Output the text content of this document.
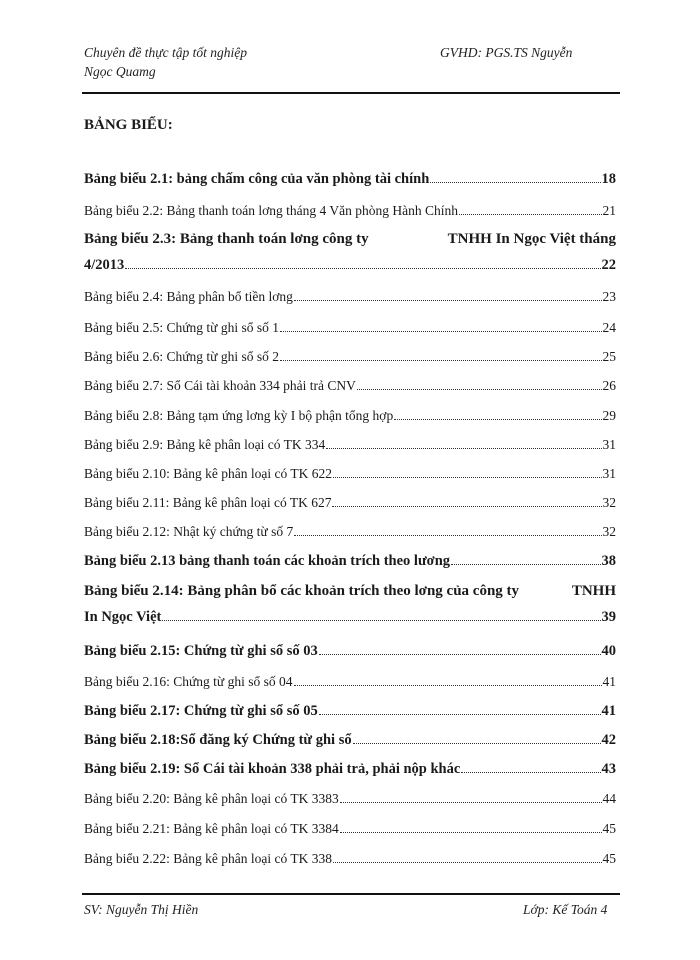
Chuyên đề thực tập tốt nghiệp
Ngọc Quamg
GVHD: PGS.TS Nguyễn
BẢNG BIỂU:
Bảng biểu 2.1: bảng chấm công của văn phòng tài chính	18
Bảng biểu 2.2: Bảng thanh toán lơng tháng 4 Văn phòng Hành Chính	21
Bảng biểu 2.3: Bảng thanh toán lơng công ty	TNHH In Ngọc Việt tháng
4/2013	22
Bảng biểu 2.4: Bảng phân bổ tiền lơng	23
Bảng biểu 2.5: Chứng từ ghi sổ số 1	24
Bảng biểu 2.6: Chứng từ ghi sổ số 2	25
Bảng biểu 2.7: Sổ Cái tài khoản 334 phải trả CNV	26
Bảng biểu 2.8: Bảng tạm ứng lơng kỳ I bộ phận tổng hợp	29
Bảng biểu 2.9: Bảng kê phân loại có TK 334	31
Bảng biểu 2.10: Bảng kê phân loại có TK 622	31
Bảng biểu 2.11: Bảng kê phân loại có TK 627	32
Bảng biểu 2.12: Nhật ký chứng từ số 7	32
Bảng biểu 2.13 bảng thanh toán các khoản trích theo lương	38
Bảng biểu 2.14: Bảng phân bổ các khoản trích theo lơng của công ty	TNHH
In Ngọc Việt	39
Bảng biểu 2.15: Chứng từ ghi sổ số 03	40
Bảng biểu 2.16: Chứng từ ghi sổ số 04	41
Bảng biểu 2.17: Chứng từ ghi sổ số 05	41
Bảng biểu 2.18:Sổ đăng ký Chứng từ ghi sổ	42
Bảng biểu 2.19: Sổ Cái tài khoản 338 phải trả, phải nộp khác	43
Bảng biểu 2.20: Bảng kê phân loại có TK 3383	44
Bảng biểu 2.21: Bảng kê phân loại có TK 3384	45
Bảng biểu 2.22: Bảng kê phân loại có TK 338	45
SV: Nguyễn Thị Hiền	Lớp: Kế Toán 4
